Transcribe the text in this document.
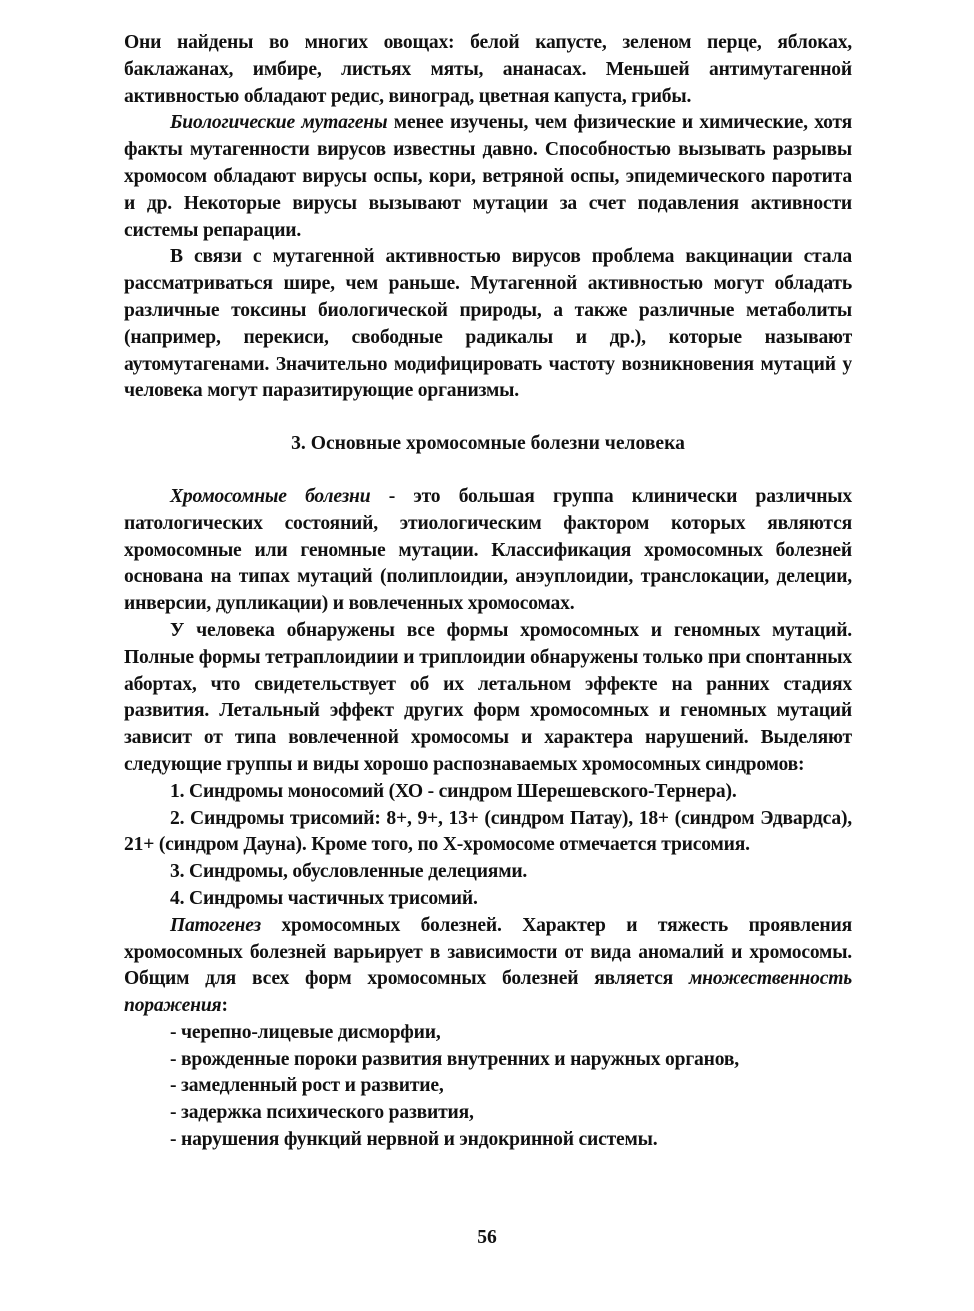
Они найдены во многих овощах: белой капусте, зеленом перце, яблоках, баклажанах, имбире, листьях мяты, ананасах. Меньшей антимутагенной активностью обладают редис, виноград, цветная капуста, грибы.

Биологические мутагены менее изучены, чем физические и химические, хотя факты мутагенности вирусов известны давно. Способностью вызывать разрывы хромосом обладают вирусы оспы, кори, ветряной оспы, эпидемического паротита и др. Некоторые вирусы вызывают мутации за счет подавления активности системы репарации.

В связи с мутагенной активностью вирусов проблема вакцинации стала рассматриваться шире, чем раньше. Мутагенной активностью могут обладать различные токсины биологической природы, а также различные метаболиты (например, перекиси, свободные радикалы и др.), которые называют аутомутагенами. Значительно модифицировать частоту возникновения мутаций у человека могут паразитирующие организмы.

3. Основные хромосомные болезни человека

Хромосомные болезни - это большая группа клинически различных патологических состояний, этиологическим фактором которых являются хромосомные или геномные мутации. Классификация хромосомных болезней основана на типах мутаций (полиплоидии, анэуплоидии, транслокации, делеции, инверсии, дупликации) и вовлеченных хромосомах.

У человека обнаружены все формы хромосомных и геномных мутаций. Полные формы тетраплоидиии и триплоидии обнаружены только при спонтанных абортах, что свидетельствует об их летальном эффекте на ранних стадиях развития. Летальный эффект других форм хромосомных и геномных мутаций зависит от типа вовлеченной хромосомы и характера нарушений. Выделяют следующие группы и виды хорошо распознаваемых хромосомных синдромов:

1. Синдромы моносомий (ХО - синдром Шерешевского-Тернера).

2. Синдромы трисомий: 8+, 9+, 13+ (синдром Патау), 18+ (синдром Эдвардса), 21+ (синдром Дауна). Кроме того, по Х-хромосоме отмечается трисомия.

3. Синдромы, обусловленные делециями.

4. Синдромы частичных трисомий.

Патогенез хромосомных болезней. Характер и тяжесть проявления хромосомных болезней варьирует в зависимости от вида аномалий и хромосомы. Общим для всех форм хромосомных болезней является множественность поражения:

- черепно-лицевые дисморфии,

- врожденные пороки развития внутренних и наружных органов,

- замедленный рост и развитие,

- задержка психического развития,

- нарушения функций нервной и эндокринной системы.

56
